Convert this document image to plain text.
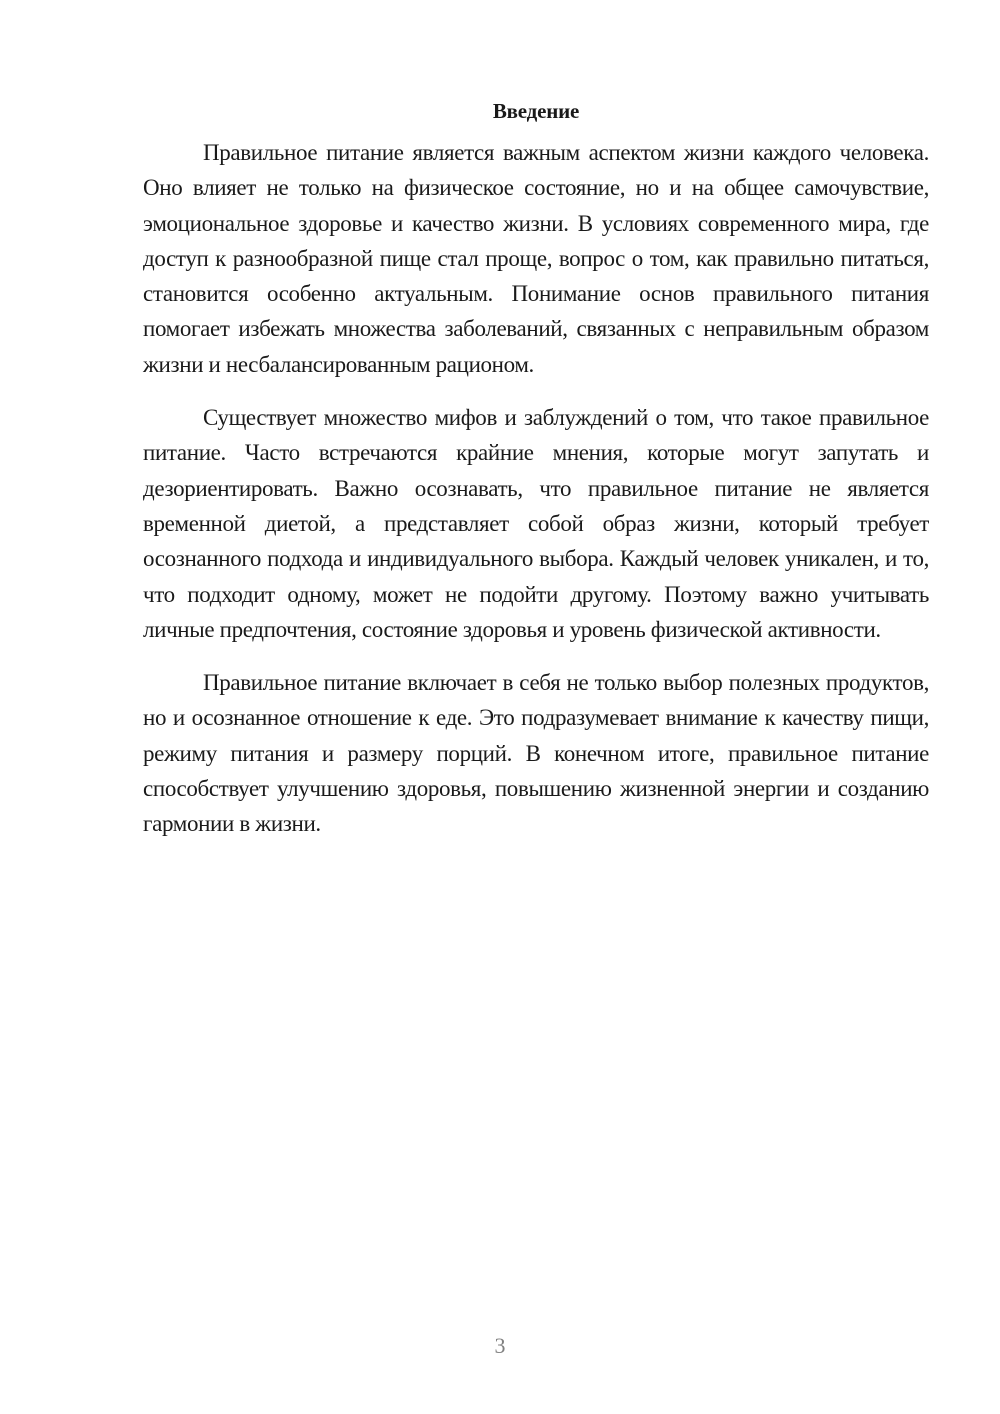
Введение

Правильное питание является важным аспектом жизни каждого человека. Оно влияет не только на физическое состояние, но и на общее самочувствие, эмоциональное здоровье и качество жизни. В условиях современного мира, где доступ к разнообразной пище стал проще, вопрос о том, как правильно питаться, становится особенно актуальным. Понимание основ правильного питания помогает избежать множества заболеваний, связанных с неправильным образом жизни и несбалансированным рационом.

Существует множество мифов и заблуждений о том, что такое правильное питание. Часто встречаются крайние мнения, которые могут запутать и дезориентировать. Важно осознавать, что правильное питание не является временной диетой, а представляет собой образ жизни, который требует осознанного подхода и индивидуального выбора. Каждый человек уникален, и то, что подходит одному, может не подойти другому. Поэтому важно учитывать личные предпочтения, состояние здоровья и уровень физической активности.

Правильное питание включает в себя не только выбор полезных продуктов, но и осознанное отношение к еде. Это подразумевает внимание к качеству пищи, режиму питания и размеру порций. В конечном итоге, правильное питание способствует улучшению здоровья, повышению жизненной энергии и созданию гармонии в жизни.

3
